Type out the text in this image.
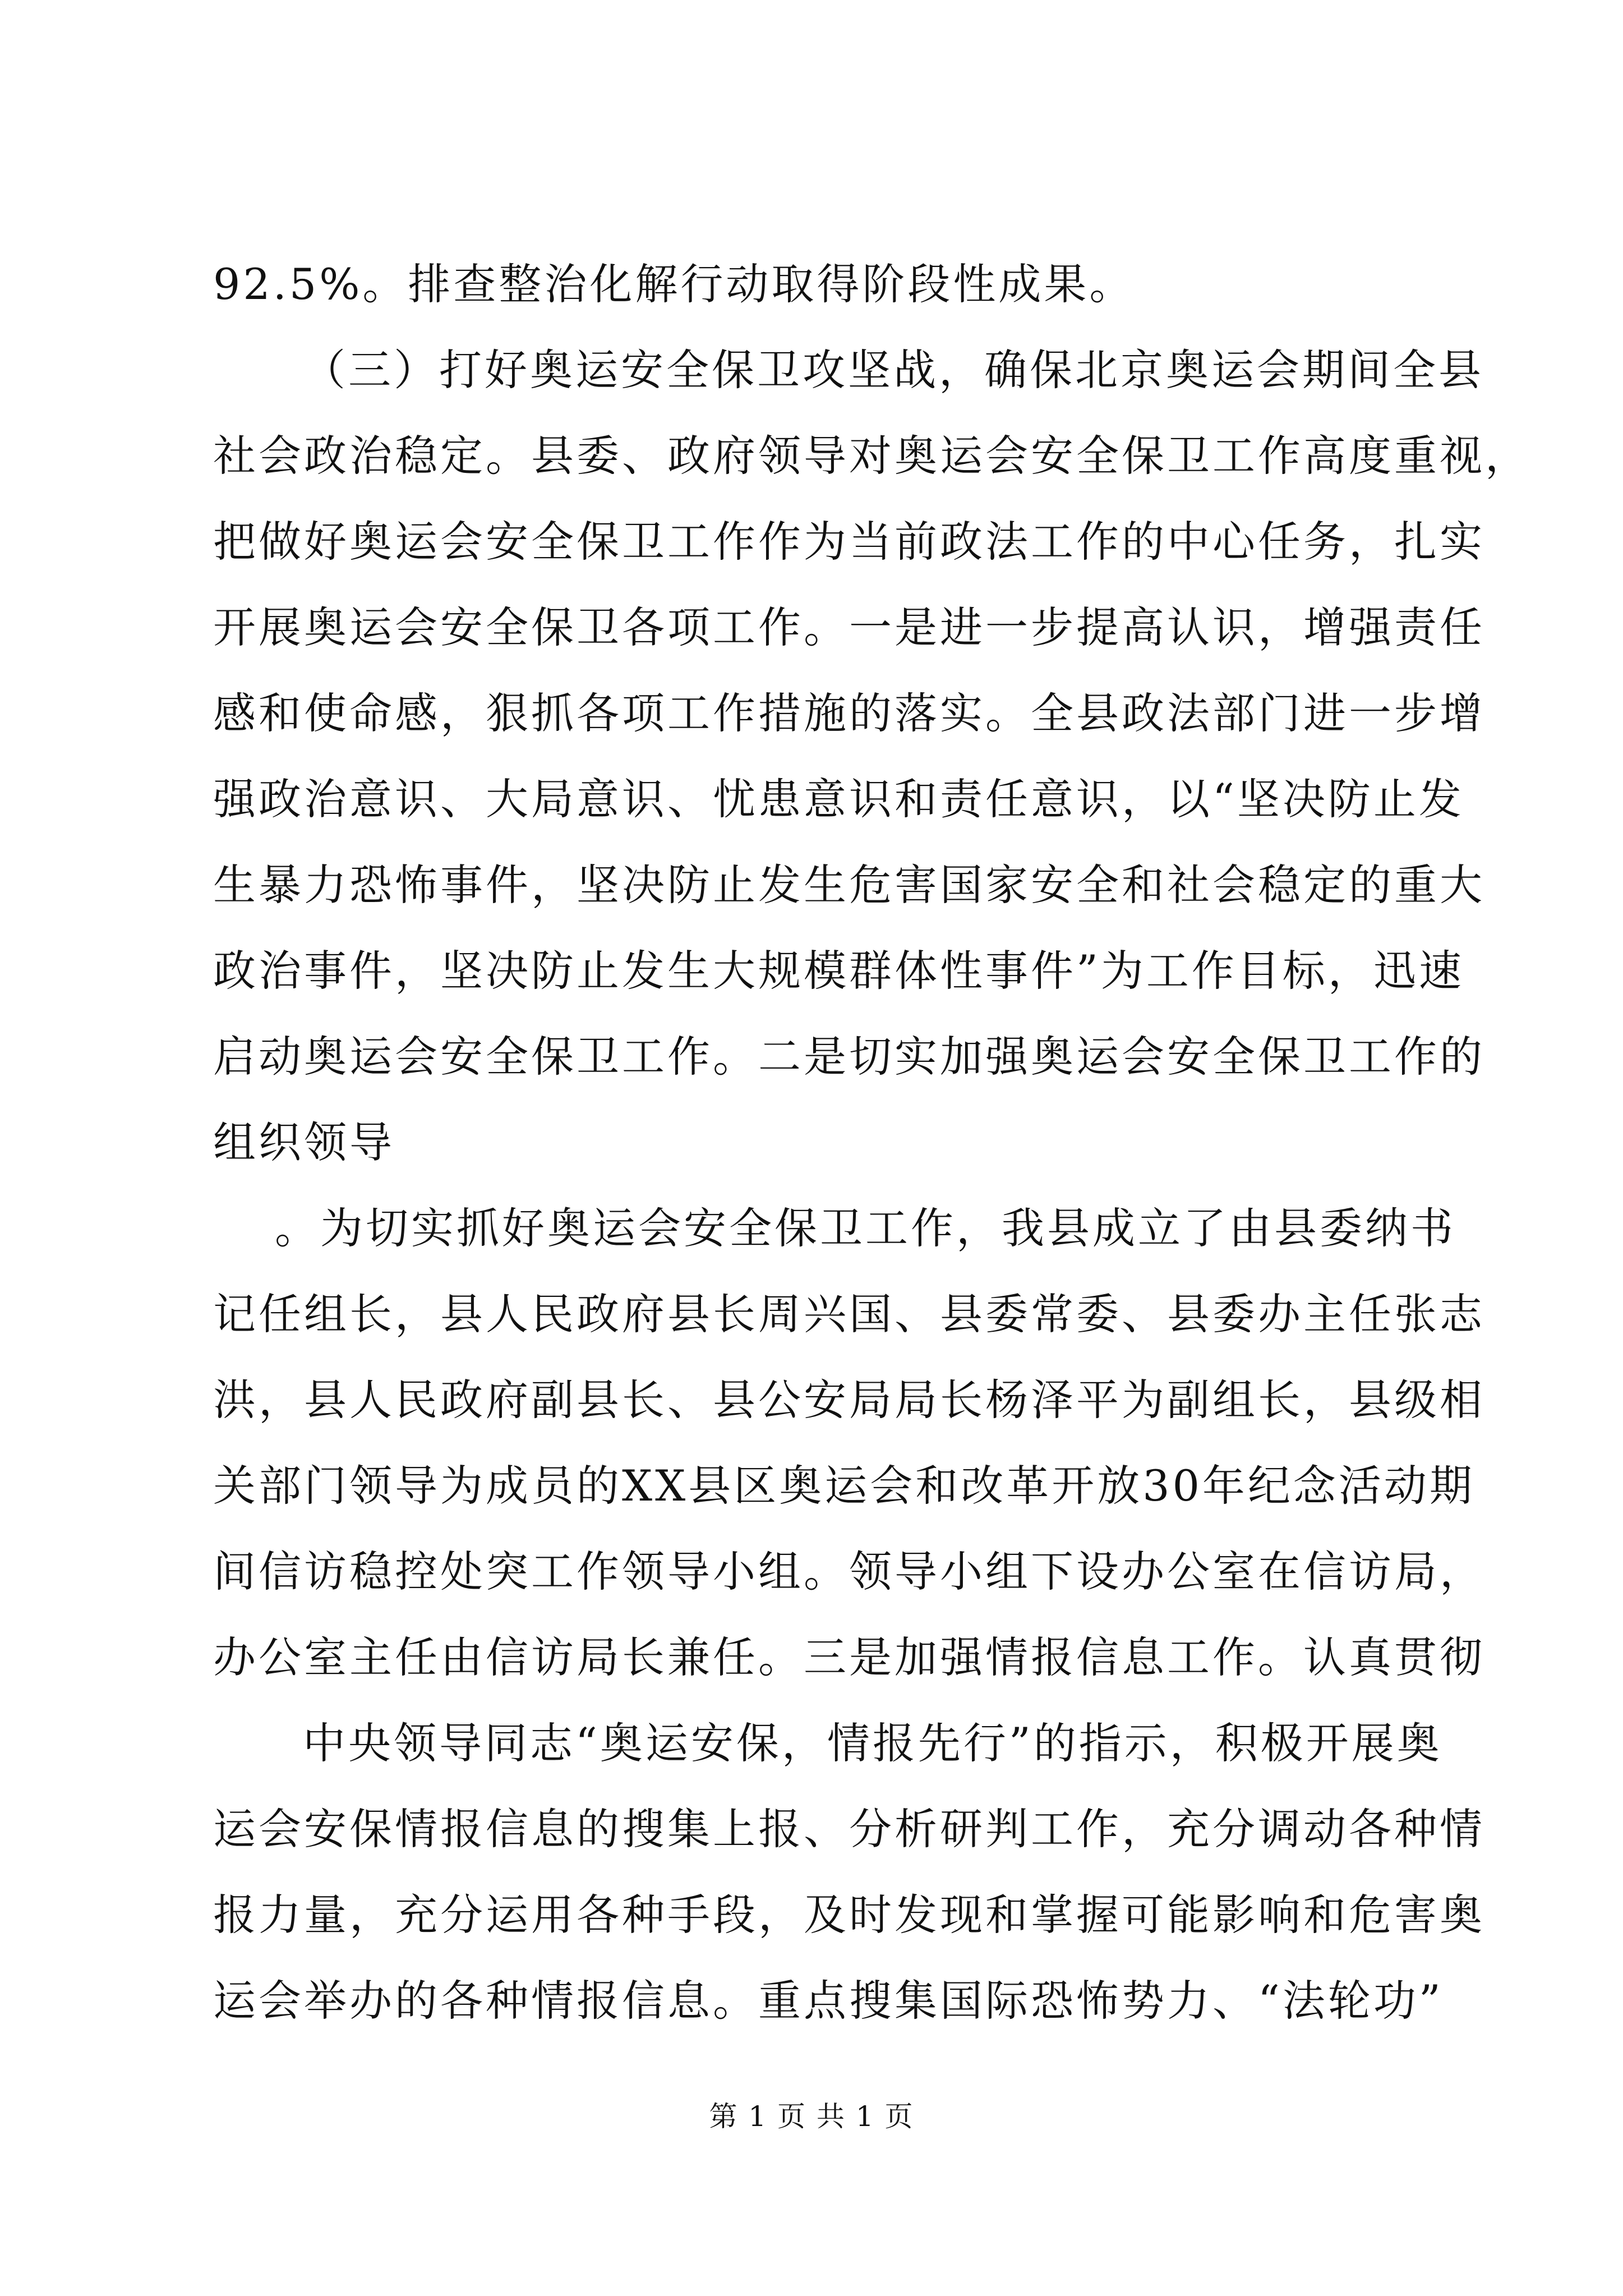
92.5%。排查整治化解行动取得阶段性成果。
（三）打好奥运安全保卫攻坚战，确保北京奥运会期间全县
社会政治稳定。县委、政府领导对奥运会安全保卫工作高度重视，
把做好奥运会安全保卫工作作为当前政法工作的中心任务，扎实
开展奥运会安全保卫各项工作。一是进一步提高认识，增强责任
感和使命感，狠抓各项工作措施的落实。全县政法部门进一步增
强政治意识、大局意识、忧患意识和责任意识，以“坚决防止发
生暴力恐怖事件，坚决防止发生危害国家安全和社会稳定的重大
政治事件，坚决防止发生大规模群体性事件”为工作目标，迅速
启动奥运会安全保卫工作。二是切实加强奥运会安全保卫工作的
组织领导
。为切实抓好奥运会安全保卫工作，我县成立了由县委纳书
记任组长，县人民政府县长周兴国、县委常委、县委办主任张志
洪，县人民政府副县长、县公安局局长杨泽平为副组长，县级相
关部门领导为成员的XX县区奥运会和改革开放30年纪念活动期
间信访稳控处突工作领导小组。领导小组下设办公室在信访局，
办公室主任由信访局长兼任。三是加强情报信息工作。认真贯彻
中央领导同志“奥运安保，情报先行”的指示，积极开展奥
运会安保情报信息的搜集上报、分析研判工作，充分调动各种情
报力量，充分运用各种手段，及时发现和掌握可能影响和危害奥
运会举办的各种情报信息。重点搜集国际恐怖势力、“法轮功”
第 1 页 共 1 页
